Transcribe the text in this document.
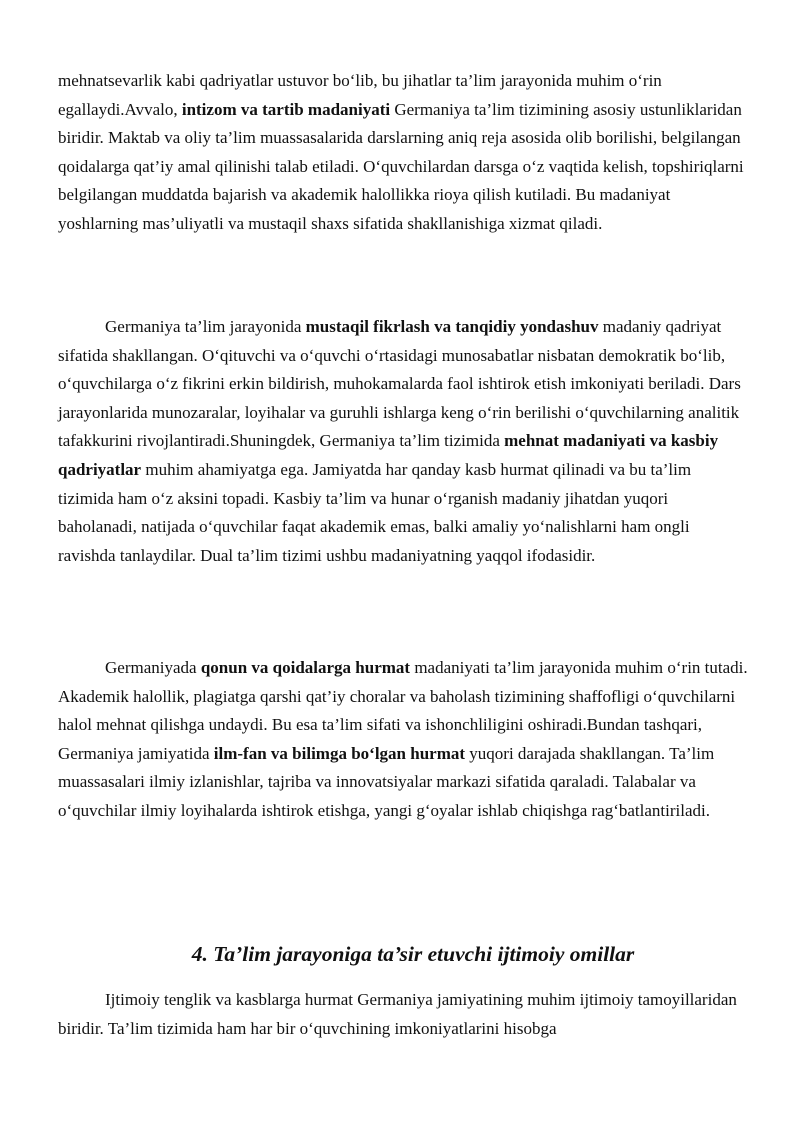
mehnatsevarlik kabi qadriyatlar ustuvor bo‘lib, bu jihatlar ta’lim jarayonida muhim o‘rin egallaydi.Avvalo, intizom va tartib madaniyati Germaniya ta’lim tizimining asosiy ustunliklaridan biridir. Maktab va oliy ta’lim muassasalarida darslarning aniq reja asosida olib borilishi, belgilangan qoidalarga qat’iy amal qilinishi talab etiladi. O‘quvchilardan darsga o‘z vaqtida kelish, topshiriqlarni belgilangan muddatda bajarish va akademik halollikka rioya qilish kutiladi. Bu madaniyat yoshlarning mas’uliyatli va mustaqil shaxs sifatida shakllanishiga xizmat qiladi.

Germaniya ta’lim jarayonida mustaqil fikrlash va tanqidiy yondashuv madaniy qadriyat sifatida shakllangan. O‘qituvchi va o‘quvchi o‘rtasidagi munosabatlar nisbatan demokratik bo‘lib, o‘quvchilarga o‘z fikrini erkin bildirish, muhokamalarda faol ishtirok etish imkoniyati beriladi. Dars jarayonlarida munozaralar, loyihalar va guruhli ishlarga keng o‘rin berilishi o‘quvchilarning analitik tafakkurini rivojlantiradi.Shuningdek, Germaniya ta’lim tizimida mehnat madaniyati va kasbiy qadriyatlar muhim ahamiyatga ega. Jamiyatda har qanday kasb hurmat qilinadi va bu ta’lim tizimida ham o‘z aksini topadi. Kasbiy ta’lim va hunar o‘rganish madaniy jihatdan yuqori baholanadi, natijada o‘quvchilar faqat akademik emas, balki amaliy yo‘nalishlarni ham ongli ravishda tanlaydilar. Dual ta’lim tizimi ushbu madaniyatning yaqqol ifodasidir.

Germaniyada qonun va qoidalarga hurmat madaniyati ta’lim jarayonida muhim o‘rin tutadi. Akademik halollik, plagiatga qarshi qat’iy choralar va baholash tizimining shaffofligi o‘quvchilarni halol mehnat qilishga undaydi. Bu esa ta’lim sifati va ishonchliligini oshiradi.Bundan tashqari, Germaniya jamiyatida ilm-fan va bilimga bo‘lgan hurmat yuqori darajada shakllangan. Ta’lim muassasalari ilmiy izlanishlar, tajriba va innovatsiyalar markazi sifatida qaraladi. Talabalar va o‘quvchilar ilmiy loyihalarda ishtirok etishga, yangi g‘oyalar ishlab chiqishga rag‘batlantiriladi.

4. Ta’lim jarayoniga ta’sir etuvchi ijtimoiy omillar

Ijtimoiy tenglik va kasblarga hurmat Germaniya jamiyatining muhim ijtimoiy tamoyillaridan biridir. Ta’lim tizimida ham har bir o‘quvchining imkoniyatlarini hisobga
